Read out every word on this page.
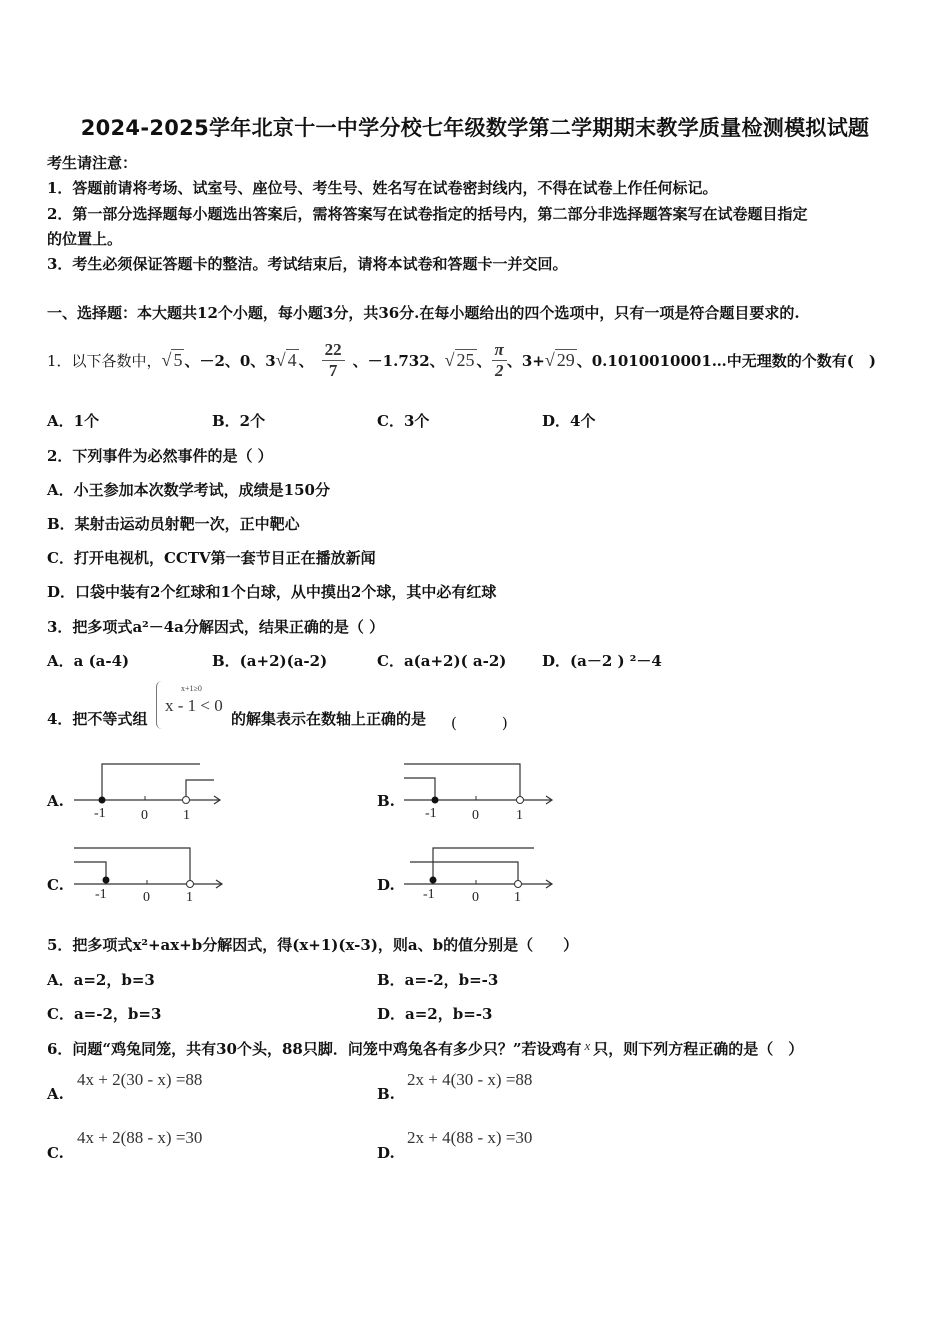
2024-2025学年北京十一中学分校七年级数学第二学期期末教学质量检测模拟试题
考生请注意：
1．答题前请将考场、试室号、座位号、考生号、姓名写在试卷密封线内，不得在试卷上作任何标记。
2．第一部分选择题每小题选出答案后，需将答案写在试卷指定的括号内，第二部分非选择题答案写在试卷题目指定
的位置上。
3．考生必须保证答题卡的整洁。考试结束后，请将本试卷和答题卡一并交回。
一、选择题：本大题共12个小题，每小题3分，共36分.在每小题给出的四个选项中，只有一项是符合题目要求的.
1．以下各数中， √ 5 、－2、0、3 √ 4 、 $\frac{22}{7}$ 、－1.732、 √ 25 、 $\frac{\pi}{2}$ 、3+ √ 29 、0.1010010001…中无理数的个数有(　)
A．1个	B．2个	C．3个	D．4个
2．下列事件为必然事件的是（ ）
A．小王参加本次数学考试，成绩是150分
B．某射击运动员射靶一次，正中靶心
C．打开电视机，CCTV第一套节目正在播放新闻
D．口袋中装有2个红球和1个白球，从中摸出2个球，其中必有红球
3．把多项式a²－4a分解因式，结果正确的是（ ）
A．a (a-4)	B．(a+2)(a-2)	C．a(a+2)( a-2) D．(a－2 ) ²－4
4．把不等式组
x+1≥0
x - 1 < 0
的解集表示在数轴上正确的是 (　　　)
A.	B.
C.	D.
-1	0	1	-1	0	1
-1	0	1	-1	0	1
5．把多项式x²+ax+b分解因式，得(x+1)(x-3)，则a、b的值分别是（　　）
A．a=2，b=3	B．a=-2，b=-3
C．a=-2，b=3	D．a=2，b=-3
6．问题“鸡兔同笼，共有30个头，88只脚．问笼中鸡兔各有多少只？”若设鸡有 x 只，则下列方程正确的是（　）
A.
4x + 2(30 - x) =88
B.
2x + 4(30 - x) =88
C.
4x + 2(88 - x) =30
D.
2x + 4(88 - x) =30
